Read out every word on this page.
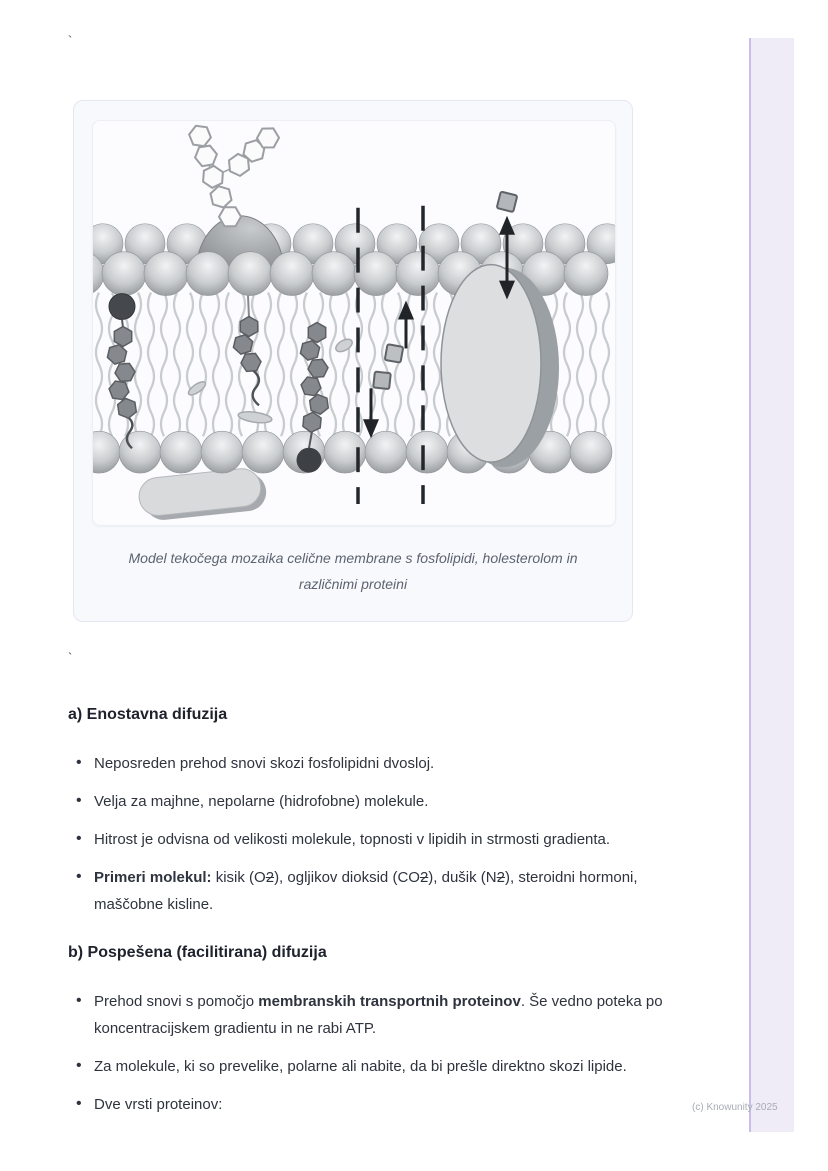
`
Model tekočega mozaika celične membrane s fosfolipidi, holesterolom in različnimi proteini
`
a) Enostavna difuzija
• Neposreden prehod snovi skozi fosfolipidni dvosloj.
• Velja za majhne, nepolarne (hidrofobne) molekule.
• Hitrost je odvisna od velikosti molekule, topnosti v lipidih in strmosti gradienta.
• Primeri molekul: kisik (O2), ogljikov dioksid (CO2), dušik (N2), steroidni hormoni, maščobne kisline.
b) Pospešena (facilitirana) difuzija
• Prehod snovi s pomočjo membranskih transportnih proteinov. Še vedno poteka po koncentracijskem gradientu in ne rabi ATP.
• Za molekule, ki so prevelike, polarne ali nabite, da bi prešle direktno skozi lipide.
• Dve vrsti proteinov:	(c) Knowunity 2025
